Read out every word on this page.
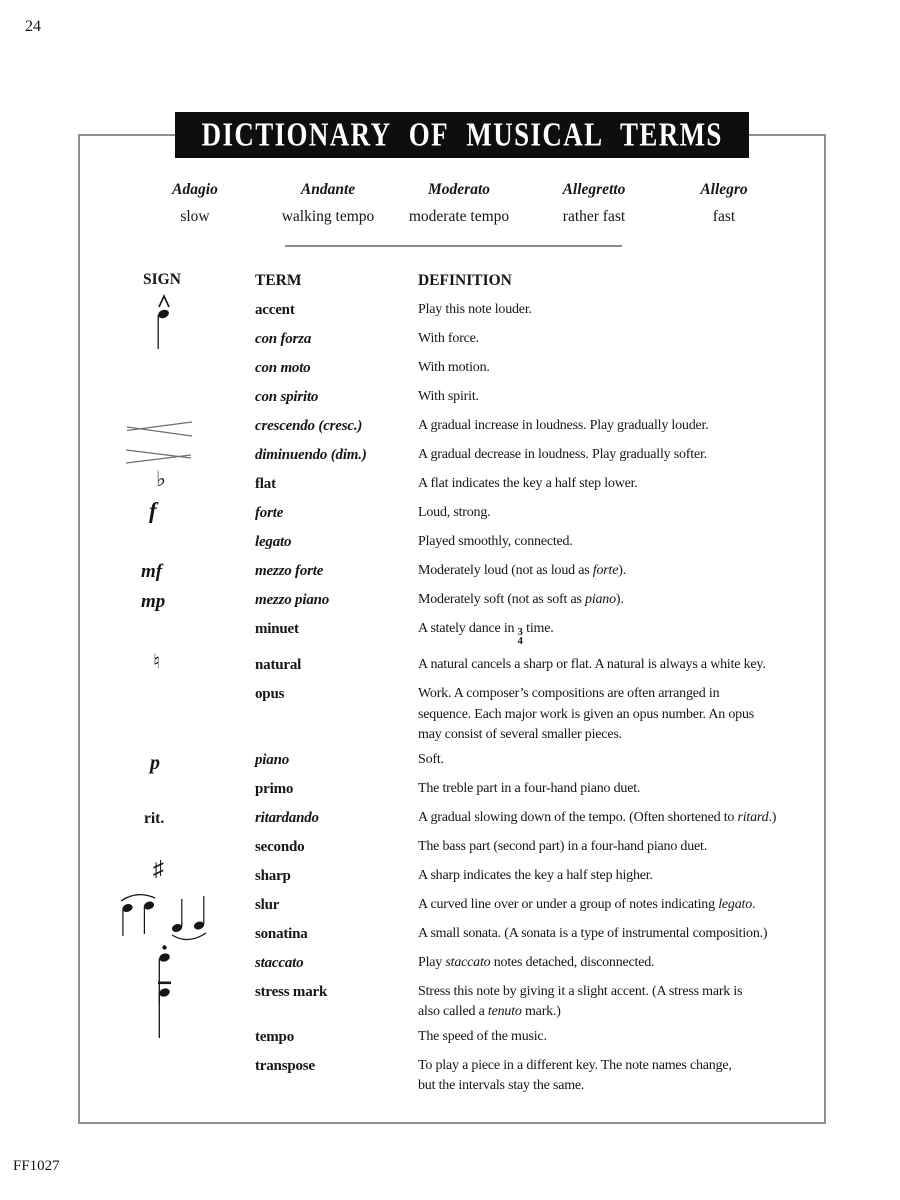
24
DICTIONARY OF MUSICAL TERMS
Adagio
slow
Andante
walking tempo
Moderato
moderate tempo
Allegretto
rather fast
Allegro
fast
SIGN	TERM	DEFINITION
accent	Play this note louder.
con forza	With force.
con moto	With motion.
con spirito	With spirit.
crescendo (cresc.)	A gradual increase in loudness. Play gradually louder.
diminuendo (dim.)	A gradual decrease in loudness. Play gradually softer.
♭	flat	A flat indicates the key a half step lower.
f	forte	Loud, strong.
legato	Played smoothly, connected.
mf	mezzo forte	Moderately loud (not as loud as forte).
mp	mezzo piano	Moderately soft (not as soft as piano).
minuet	A stately dance in 3
4
time.
♮	natural	A natural cancels a sharp or flat. A natural is always a white key.
opus	Work. A composer’s compositions are often arranged in
sequence. Each major work is given an opus number. An opus
may consist of several smaller pieces.
p	piano	Soft.
primo	The treble part in a four-hand piano duet.
rit.	ritardando	A gradual slowing down of the tempo. (Often shortened to ritard.)
secondo	The bass part (second part) in a four-hand piano duet.
♯	sharp	A sharp indicates the key a half step higher.
slur	A curved line over or under a group of notes indicating legato.
sonatina	A small sonata. (A sonata is a type of instrumental composition.)
staccato	Play staccato notes detached, disconnected.
stress mark	Stress this note by giving it a slight accent. (A stress mark is
also called a tenuto mark.)
tempo	The speed of the music.
transpose	To play a piece in a different key. The note names change,
but the intervals stay the same.
FF1027
